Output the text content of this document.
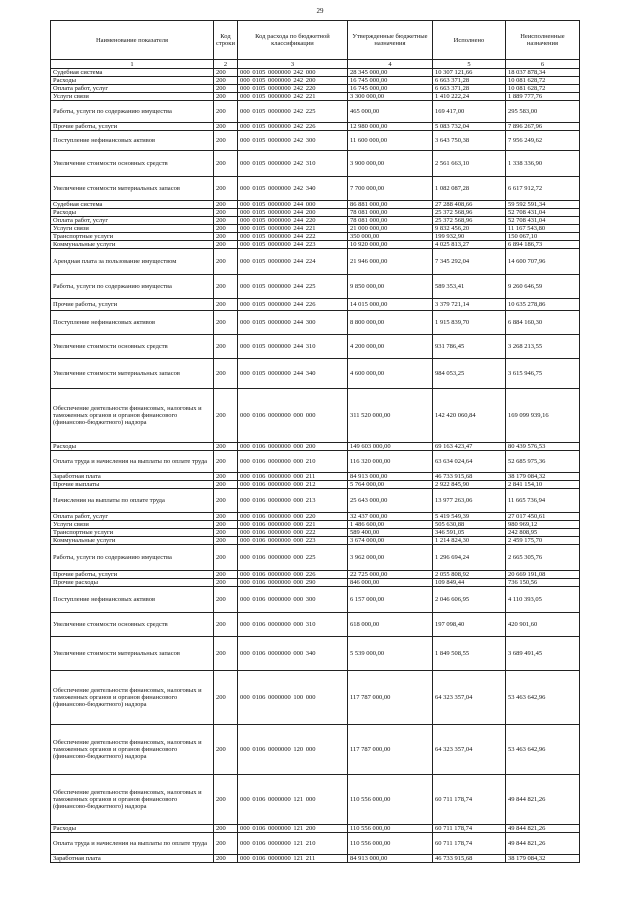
29
Наименование показателя	Код строки	Код расхода по бюджетной классификации	Утвержденные бюджетные назначения	Исполнено	Неисполненные назначения
1	2	3	4	5	6
Судебная система	200	000 0105 0000000 242 000	28 345 000,00	10 307 121,66	18 037 878,34
Расходы	200	000 0105 0000000 242 200	16 745 000,00	6 663 371,28	10 081 628,72
Оплата работ, услуг	200	000 0105 0000000 242 220	16 745 000,00	6 663 371,28	10 081 628,72
Услуги связи	200	000 0105 0000000 242 221	3 300 000,00	1 410 222,24	1 889 777,76
Работы, услуги по содержанию имущества	200	000 0105 0000000 242 225	465 000,00	169 417,00	295 583,00
Прочие работы, услуги	200	000 0105 0000000 242 226	12 980 000,00	5 083 732,04	7 896 267,96
Поступление нефинансовых активов	200	000 0105 0000000 242 300	11 600 000,00	3 643 750,38	7 956 249,62
Увеличение стоимости основных средств	200	000 0105 0000000 242 310	3 900 000,00	2 561 663,10	1 338 336,90
Увеличение стоимости материальных запасов	200	000 0105 0000000 242 340	7 700 000,00	1 082 087,28	6 617 912,72
Судебная система	200	000 0105 0000000 244 000	86 881 000,00	27 288 408,66	59 592 591,34
Расходы	200	000 0105 0000000 244 200	78 081 000,00	25 372 568,96	52 708 431,04
Оплата работ, услуг	200	000 0105 0000000 244 220	78 081 000,00	25 372 568,96	52 708 431,04
Услуги связи	200	000 0105 0000000 244 221	21 000 000,00	9 832 456,20	11 167 543,80
Транспортные услуги	200	000 0105 0000000 244 222	350 000,00	199 932,90	150 067,10
Коммунальные услуги	200	000 0105 0000000 244 223	10 920 000,00	4 025 813,27	6 894 186,73
Арендная плата за пользование имуществом	200	000 0105 0000000 244 224	21 946 000,00	7 345 292,04	14 600 707,96
Работы, услуги по содержанию имущества	200	000 0105 0000000 244 225	9 850 000,00	589 353,41	9 260 646,59
Прочие работы, услуги	200	000 0105 0000000 244 226	14 015 000,00	3 379 721,14	10 635 278,86
Поступление нефинансовых активов	200	000 0105 0000000 244 300	8 800 000,00	1 915 839,70	6 884 160,30
Увеличение стоимости основных средств	200	000 0105 0000000 244 310	4 200 000,00	931 786,45	3 268 213,55
Увеличение стоимости материальных запасов	200	000 0105 0000000 244 340	4 600 000,00	984 053,25	3 615 946,75
Обеспечение деятельности финансовых, налоговых и таможенных органов и органов финансового (финансово-бюджетного) надзора	200	000 0106 0000000 000 000	311 520 000,00	142 420 060,84	169 099 939,16
Расходы	200	000 0106 0000000 000 200	149 603 000,00	69 163 423,47	80 439 576,53
Оплата труда и начисления на выплаты по оплате труда	200	000 0106 0000000 000 210	116 320 000,00	63 634 024,64	52 685 975,36
Заработная плата	200	000 0106 0000000 000 211	84 913 000,00	46 733 915,68	38 179 084,32
Прочие выплаты	200	000 0106 0000000 000 212	5 764 000,00	2 922 845,90	2 841 154,10
Начисления на выплаты по оплате труда	200	000 0106 0000000 000 213	25 643 000,00	13 977 263,06	11 665 736,94
Оплата работ, услуг	200	000 0106 0000000 000 220	32 437 000,00	5 419 549,39	27 017 450,61
Услуги связи	200	000 0106 0000000 000 221	1 486 600,00	505 630,88	980 969,12
Транспортные услуги	200	000 0106 0000000 000 222	589 400,00	346 591,05	242 808,95
Коммунальные услуги	200	000 0106 0000000 000 223	3 674 000,00	1 214 824,30	2 459 175,70
Работы, услуги по содержанию имущества	200	000 0106 0000000 000 225	3 962 000,00	1 296 694,24	2 665 305,76
Прочие работы, услуги	200	000 0106 0000000 000 226	22 725 000,00	2 055 808,92	20 669 191,08
Прочие расходы	200	000 0106 0000000 000 290	846 000,00	109 849,44	736 150,56
Поступление нефинансовых активов	200	000 0106 0000000 000 300	6 157 000,00	2 046 606,95	4 110 393,05
Увеличение стоимости основных средств	200	000 0106 0000000 000 310	618 000,00	197 098,40	420 901,60
Увеличение стоимости материальных запасов	200	000 0106 0000000 000 340	5 539 000,00	1 849 508,55	3 689 491,45
Обеспечение деятельности финансовых, налоговых и таможенных органов и органов финансового (финансово-бюджетного) надзора	200	000 0106 0000000 100 000	117 787 000,00	64 323 357,04	53 463 642,96
Обеспечение деятельности финансовых, налоговых и таможенных органов и органов финансового (финансово-бюджетного) надзора	200	000 0106 0000000 120 000	117 787 000,00	64 323 357,04	53 463 642,96
Обеспечение деятельности финансовых, налоговых и таможенных органов и органов финансового (финансово-бюджетного) надзора	200	000 0106 0000000 121 000	110 556 000,00	60 711 178,74	49 844 821,26
Расходы	200	000 0106 0000000 121 200	110 556 000,00	60 711 178,74	49 844 821,26
Оплата труда и начисления на выплаты по оплате труда	200	000 0106 0000000 121 210	110 556 000,00	60 711 178,74	49 844 821,26
Заработная плата	200	000 0106 0000000 121 211	84 913 000,00	46 733 915,68	38 179 084,32
